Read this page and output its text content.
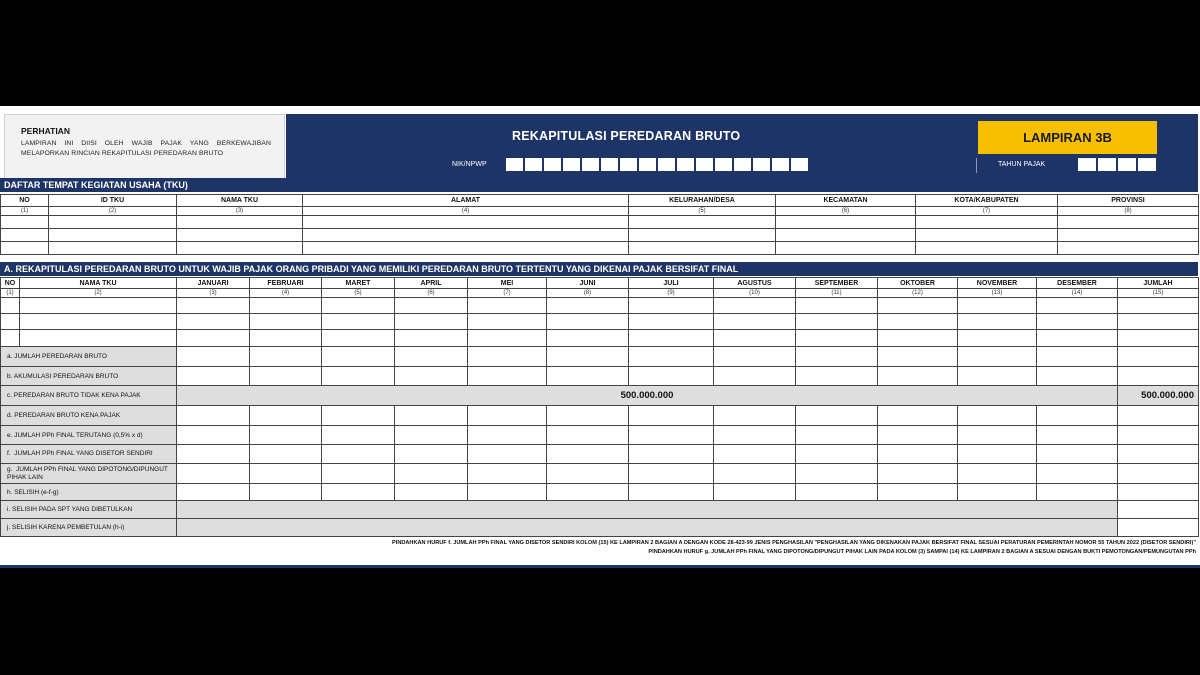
PERHATIAN
LAMPIRAN INI DIISI OLEH WAJIB PAJAK YANG BERKEWAJIBAN MELAPORKAN RINCIAN REKAPITULASI PEREDARAN BRUTO
REKAPITULASI PEREDARAN BRUTO	LAMPIRAN 3B
NIK/NPWP	TAHUN PAJAK
DAFTAR TEMPAT KEGIATAN USAHA (TKU)
NO	ID TKU	NAMA TKU	ALAMAT	KELURAHAN/DESA	KECAMATAN	KOTA/KABUPATEN	PROVINSI
(1)	(2)	(3)	(4)	(5)	(6)	(7)	(8)

A. REKAPITULASI PEREDARAN BRUTO UNTUK WAJIB PAJAK ORANG PRIBADI YANG MEMILIKI PEREDARAN BRUTO TERTENTU YANG DIKENAI PAJAK BERSIFAT FINAL
NO	NAMA TKU	JANUARI	FEBRUARI	MARET	APRIL	MEI	JUNI	JULI	AGUSTUS	SEPTEMBER	OKTOBER	NOVEMBER	DESEMBER	JUMLAH
(1)	(2)	(3)	(4)	(5)	(6)	(7)	(8)	(9)	(10)	(11)	(12)	(13)	(14)	(15)

a. JUMLAH PEREDARAN BRUTO														
b. AKUMULASI PEREDARAN BRUTO														
c. PEREDARAN BRUTO TIDAK KENA PAJAK		500.000.000												500.000.000
d. PEREDARAN BRUTO KENA PAJAK														
e. JUMLAH PPh FINAL TERUTANG (0,5% x d)														
f. JUMLAH PPh FINAL YANG DISETOR SENDIRI														
g. JUMLAH PPh FINAL YANG DIPOTONG/DIPUNGUT PIHAK LAIN														
h. SELISIH (e-f-g)														
i. SELISIH PADA SPT YANG DIBETULKAN														
j. SELISIH KARENA PEMBETULAN (h-i)														
PINDAHKAN HURUF f. JUMLAH PPh FINAL YANG DISETOR SENDIRI KOLOM (15) KE LAMPIRAN 2 BAGIAN A DENGAN KODE 28-423-99 JENIS PENGHASILAN "PENGHASILAN YANG DIKENAKAN PAJAK BERSIFAT FINAL SESUAI PERATURAN PEMERINTAH NOMOR 55 TAHUN 2022 (DISETOR SENDIRI)"
PINDAHKAN HURUF g. JUMLAH PPh FINAL YANG DIPOTONG/DIPUNGUT PIHAK LAIN PADA KOLOM (3) SAMPAI (14) KE LAMPIRAN 2 BAGIAN A SESUAI DENGAN BUKTI PEMOTONGAN/PEMUNGUTAN PPh
